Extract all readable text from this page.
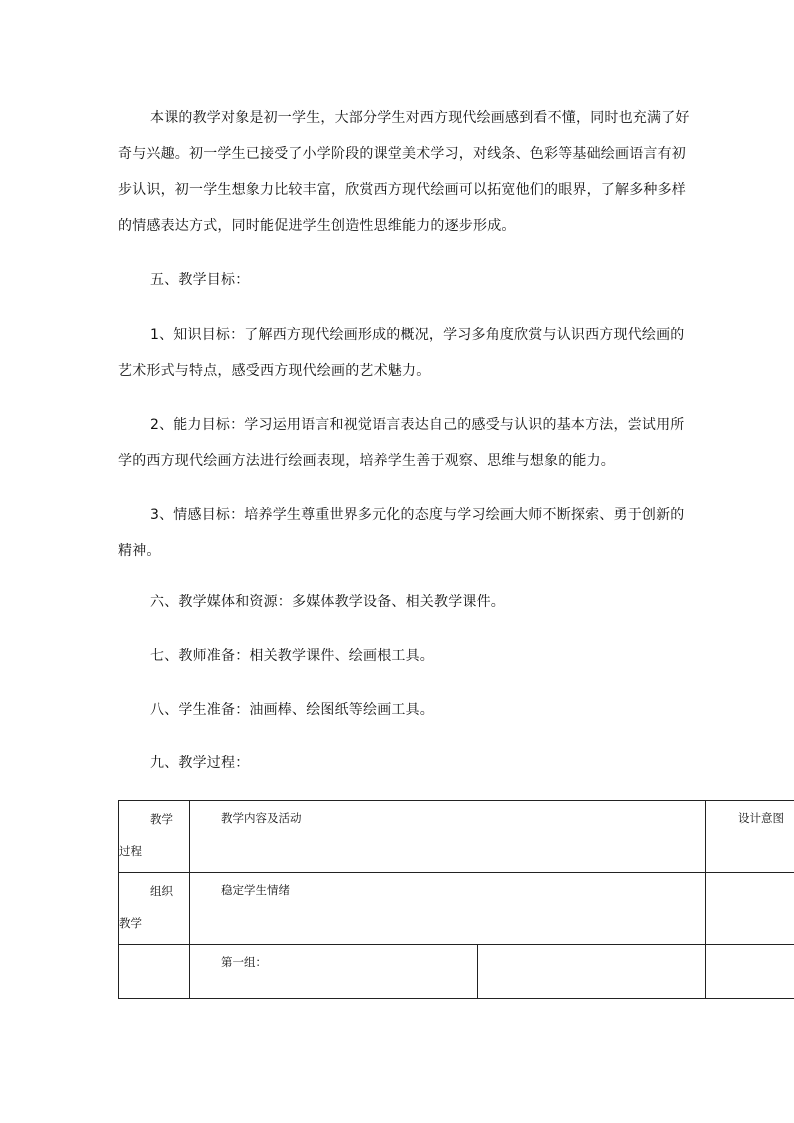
本课的教学对象是初一学生，大部分学生对西方现代绘画感到看不懂，同时也充满了好奇与兴趣。初一学生已接受了小学阶段的课堂美术学习，对线条、色彩等基础绘画语言有初步认识，初一学生想象力比较丰富，欣赏西方现代绘画可以拓宽他们的眼界，了解多种多样的情感表达方式，同时能促进学生创造性思维能力的逐步形成。

五、教学目标：

1、知识目标：了解西方现代绘画形成的概况，学习多角度欣赏与认识西方现代绘画的艺术形式与特点，感受西方现代绘画的艺术魅力。

2、能力目标：学习运用语言和视觉语言表达自己的感受与认识的基本方法，尝试用所学的西方现代绘画方法进行绘画表现，培养学生善于观察、思维与想象的能力。

3、情感目标：培养学生尊重世界多元化的态度与学习绘画大师不断探索、勇于创新的精神。

六、教学媒体和资源：多媒体教学设备、相关教学课件。

七、教师准备：相关教学课件、绘画根工具。

八、学生准备：油画棒、绘图纸等绘画工具。

九、教学过程：

教学过程	教学内容及活动		设计意图

组织教学	稳定学生情绪		

	第一组：		
